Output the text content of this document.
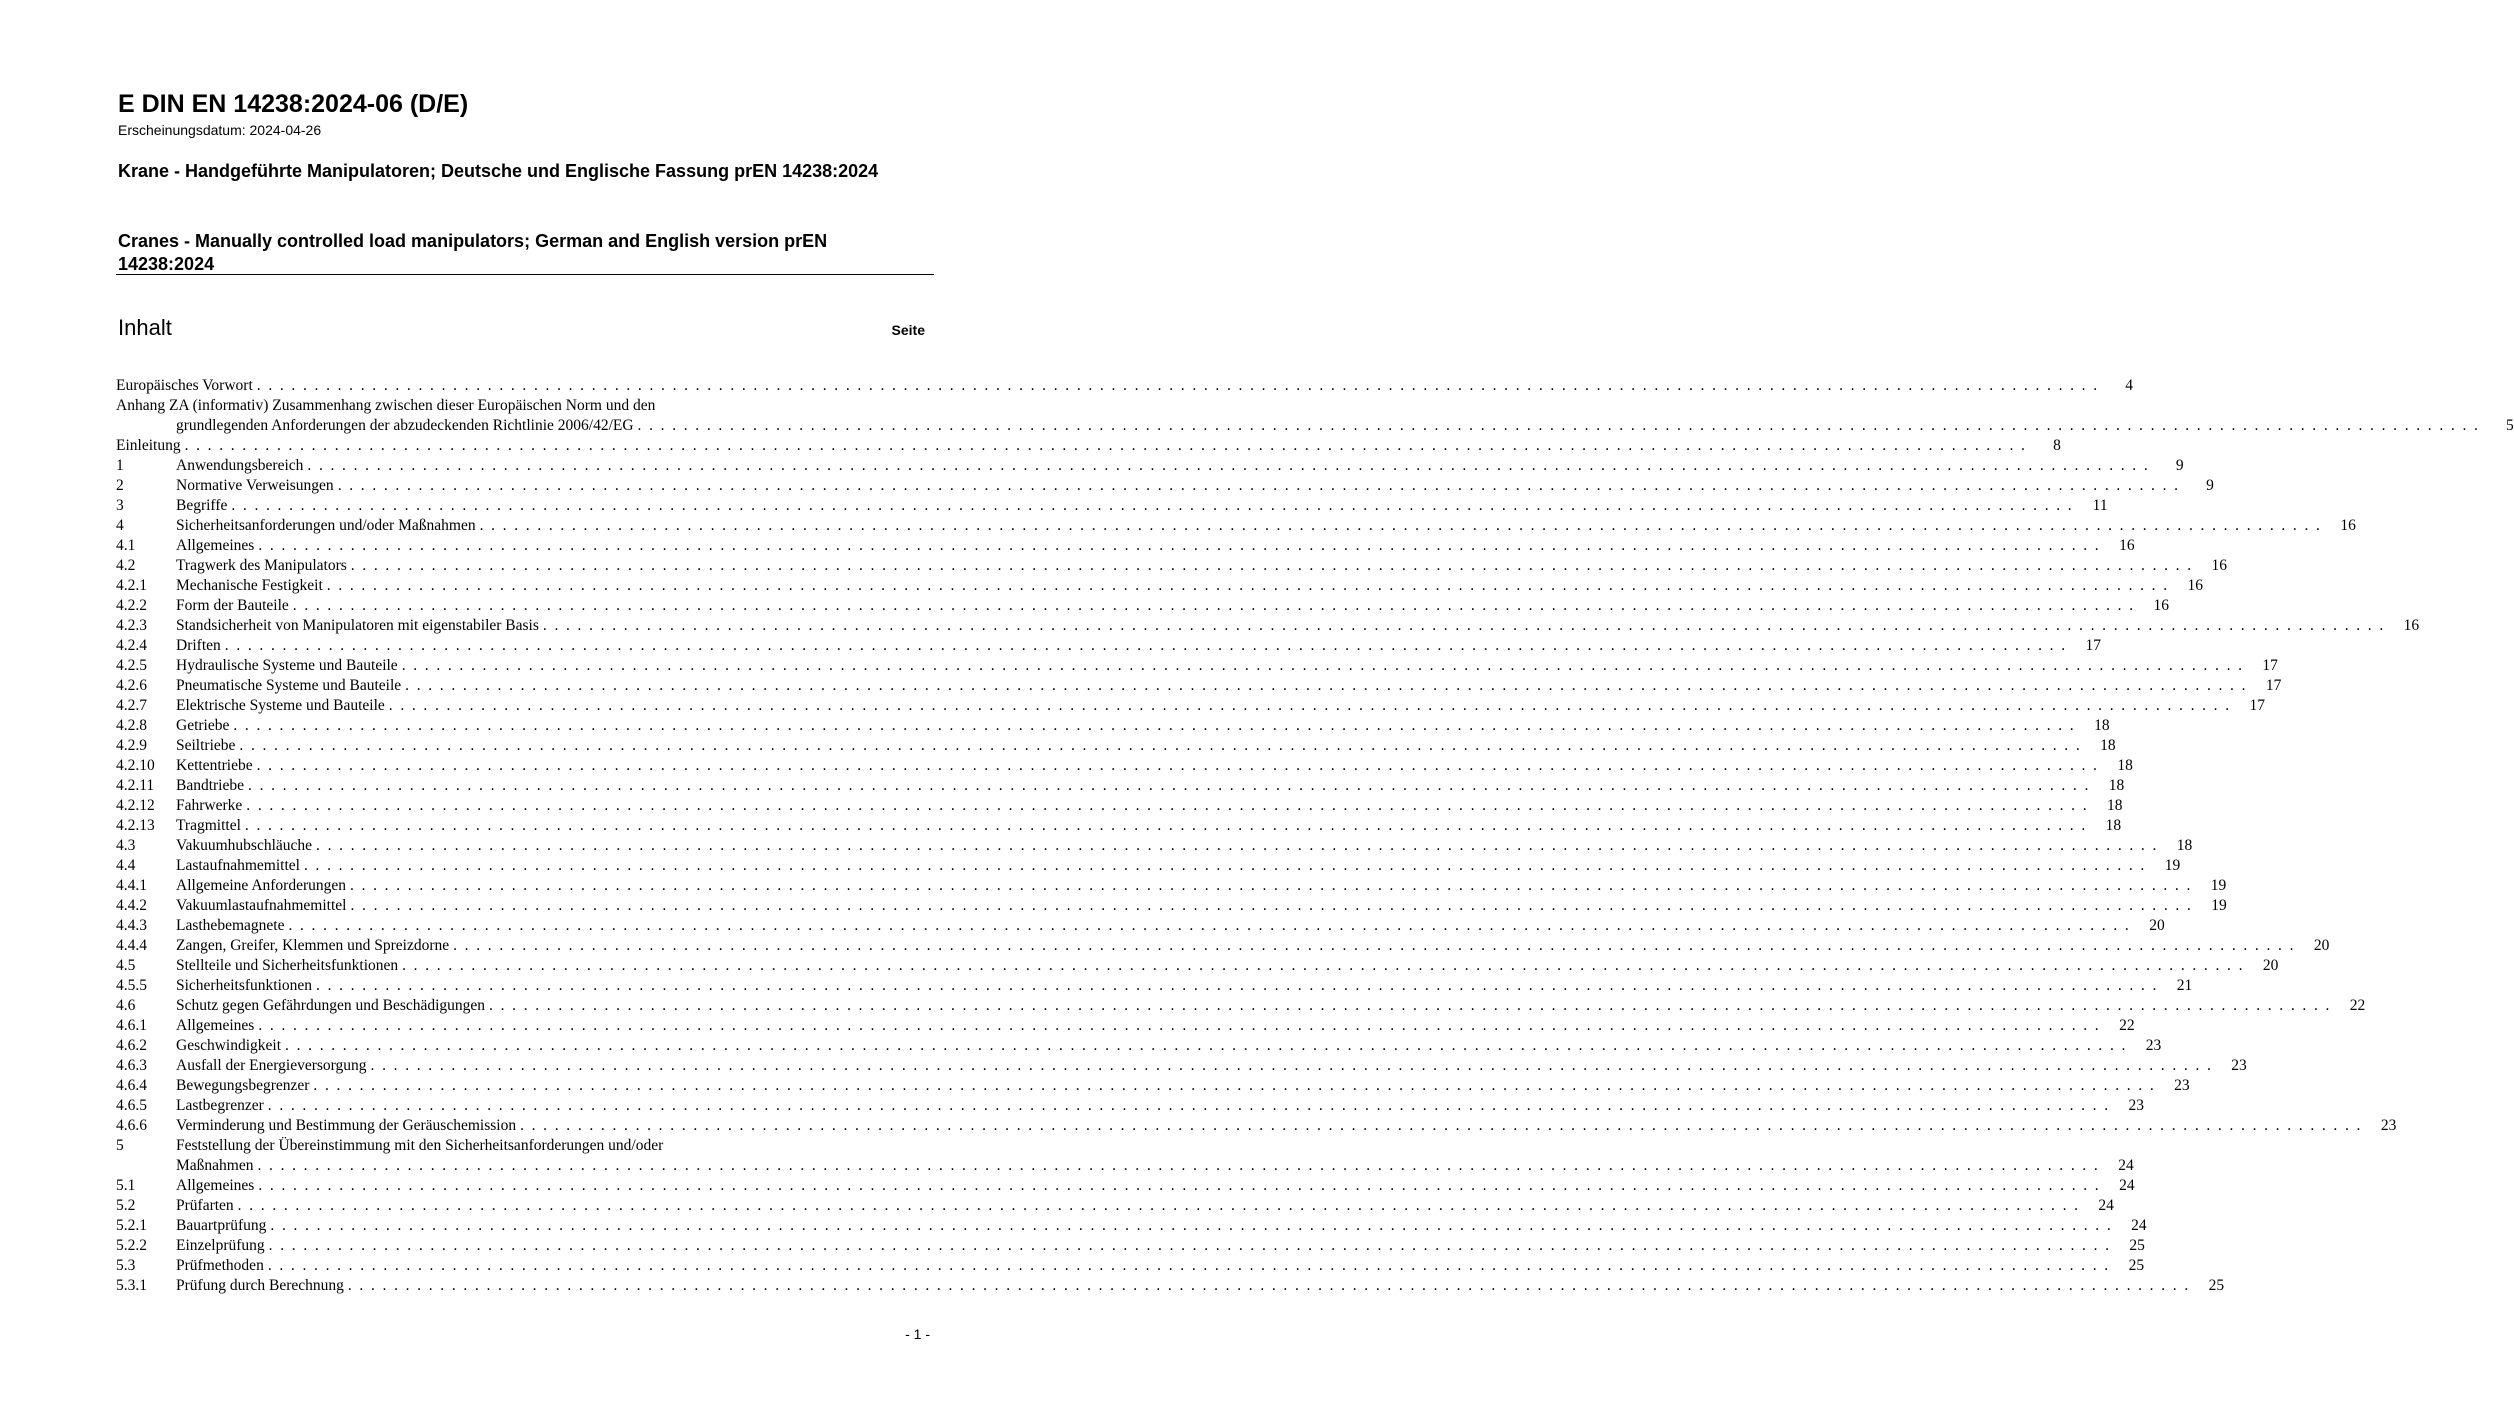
E DIN EN 14238:2024-06 (D/E)
Erscheinungsdatum: 2024-04-26
Krane - Handgeführte Manipulatoren; Deutsche und Englische Fassung prEN 14238:2024
Cranes - Manually controlled load manipulators; German and English version prEN 14238:2024
Inhalt	Seite
Europäisches Vorwort . . . . . . . . . . . . . . . . . . . . . . . . . . . . . . . . . . . . . . . . . . . . . . . . . . . . . . . . . . . . . . . . . . . . . . . . . . . . . . . . . . . . . . . . . . . . . . . . . . . . . . . . . . . . . . . . . . . . . . . . . . . . . . . . . . . . . . . . . . . . . . . . . . . . . . . . . . . . . . . .	4
Anhang ZA (informativ) Zusammenhang zwischen dieser Europäischen Norm und den
grundlegenden Anforderungen der abzudeckenden Richtlinie 2006/42/EG . . . . . . . . . . . . . . . . . . . . . . . . . . . . . . . . . . . . . . . . . . . . . . . . . . . . . . . . . . . . . . . . . . . . . . . . . . . . . . . . . . . . . . . . . . . . . . . . . . . . . . . . . . . . . . . . . . . . . . . . . . . . . . . . . . . . . . . . . . . . . . . . . . . . . . . . . . . . . . . .	5
Einleitung . . . . . . . . . . . . . . . . . . . . . . . . . . . . . . . . . . . . . . . . . . . . . . . . . . . . . . . . . . . . . . . . . . . . . . . . . . . . . . . . . . . . . . . . . . . . . . . . . . . . . . . . . . . . . . . . . . . . . . . . . . . . . . . . . . . . . . . . . . . . . . . . . . . . . . . . . . . . . . . .	8
1	Anwendungsbereich . . . . . . . . . . . . . . . . . . . . . . . . . . . . . . . . . . . . . . . . . . . . . . . . . . . . . . . . . . . . . . . . . . . . . . . . . . . . . . . . . . . . . . . . . . . . . . . . . . . . . . . . . . . . . . . . . . . . . . . . . . . . . . . . . . . . . . . . . . . . . . . . . . . . . . . . . . . . . . . .	9
2	Normative Verweisungen . . . . . . . . . . . . . . . . . . . . . . . . . . . . . . . . . . . . . . . . . . . . . . . . . . . . . . . . . . . . . . . . . . . . . . . . . . . . . . . . . . . . . . . . . . . . . . . . . . . . . . . . . . . . . . . . . . . . . . . . . . . . . . . . . . . . . . . . . . . . . . . . . . . . . . . . . . . . . . . .	9
3	Begriffe . . . . . . . . . . . . . . . . . . . . . . . . . . . . . . . . . . . . . . . . . . . . . . . . . . . . . . . . . . . . . . . . . . . . . . . . . . . . . . . . . . . . . . . . . . . . . . . . . . . . . . . . . . . . . . . . . . . . . . . . . . . . . . . . . . . . . . . . . . . . . . . . . . . . . . . . . . . . . . . .	11
4	Sicherheitsanforderungen und/oder Maßnahmen . . . . . . . . . . . . . . . . . . . . . . . . . . . . . . . . . . . . . . . . . . . . . . . . . . . . . . . . . . . . . . . . . . . . . . . . . . . . . . . . . . . . . . . . . . . . . . . . . . . . . . . . . . . . . . . . . . . . . . . . . . . . . . . . . . . . . . . . . . . . . . . . . . . . . . . . . . . . . . . .	16
4.1	Allgemeines . . . . . . . . . . . . . . . . . . . . . . . . . . . . . . . . . . . . . . . . . . . . . . . . . . . . . . . . . . . . . . . . . . . . . . . . . . . . . . . . . . . . . . . . . . . . . . . . . . . . . . . . . . . . . . . . . . . . . . . . . . . . . . . . . . . . . . . . . . . . . . . . . . . . . . . . . . . . . . . .	16
4.2	Tragwerk des Manipulators . . . . . . . . . . . . . . . . . . . . . . . . . . . . . . . . . . . . . . . . . . . . . . . . . . . . . . . . . . . . . . . . . . . . . . . . . . . . . . . . . . . . . . . . . . . . . . . . . . . . . . . . . . . . . . . . . . . . . . . . . . . . . . . . . . . . . . . . . . . . . . . . . . . . . . . . . . . . . . . .	16
4.2.1	Mechanische Festigkeit . . . . . . . . . . . . . . . . . . . . . . . . . . . . . . . . . . . . . . . . . . . . . . . . . . . . . . . . . . . . . . . . . . . . . . . . . . . . . . . . . . . . . . . . . . . . . . . . . . . . . . . . . . . . . . . . . . . . . . . . . . . . . . . . . . . . . . . . . . . . . . . . . . . . . . . . . . . . . . . .	16
4.2.2	Form der Bauteile . . . . . . . . . . . . . . . . . . . . . . . . . . . . . . . . . . . . . . . . . . . . . . . . . . . . . . . . . . . . . . . . . . . . . . . . . . . . . . . . . . . . . . . . . . . . . . . . . . . . . . . . . . . . . . . . . . . . . . . . . . . . . . . . . . . . . . . . . . . . . . . . . . . . . . . . . . . . . . . .	16
4.2.3	Standsicherheit von Manipulatoren mit eigenstabiler Basis . . . . . . . . . . . . . . . . . . . . . . . . . . . . . . . . . . . . . . . . . . . . . . . . . . . . . . . . . . . . . . . . . . . . . . . . . . . . . . . . . . . . . . . . . . . . . . . . . . . . . . . . . . . . . . . . . . . . . . . . . . . . . . . . . . . . . . . . . . . . . . . . . . . . . . . . . . . . . . . .	16
4.2.4	Driften . . . . . . . . . . . . . . . . . . . . . . . . . . . . . . . . . . . . . . . . . . . . . . . . . . . . . . . . . . . . . . . . . . . . . . . . . . . . . . . . . . . . . . . . . . . . . . . . . . . . . . . . . . . . . . . . . . . . . . . . . . . . . . . . . . . . . . . . . . . . . . . . . . . . . . . . . . . . . . . .	17
4.2.5	Hydraulische Systeme und Bauteile . . . . . . . . . . . . . . . . . . . . . . . . . . . . . . . . . . . . . . . . . . . . . . . . . . . . . . . . . . . . . . . . . . . . . . . . . . . . . . . . . . . . . . . . . . . . . . . . . . . . . . . . . . . . . . . . . . . . . . . . . . . . . . . . . . . . . . . . . . . . . . . . . . . . . . . . . . . . . . . .	17
4.2.6	Pneumatische Systeme und Bauteile . . . . . . . . . . . . . . . . . . . . . . . . . . . . . . . . . . . . . . . . . . . . . . . . . . . . . . . . . . . . . . . . . . . . . . . . . . . . . . . . . . . . . . . . . . . . . . . . . . . . . . . . . . . . . . . . . . . . . . . . . . . . . . . . . . . . . . . . . . . . . . . . . . . . . . . . . . . . . . . .	17
4.2.7	Elektrische Systeme und Bauteile . . . . . . . . . . . . . . . . . . . . . . . . . . . . . . . . . . . . . . . . . . . . . . . . . . . . . . . . . . . . . . . . . . . . . . . . . . . . . . . . . . . . . . . . . . . . . . . . . . . . . . . . . . . . . . . . . . . . . . . . . . . . . . . . . . . . . . . . . . . . . . . . . . . . . . . . . . . . . . . .	17
4.2.8	Getriebe . . . . . . . . . . . . . . . . . . . . . . . . . . . . . . . . . . . . . . . . . . . . . . . . . . . . . . . . . . . . . . . . . . . . . . . . . . . . . . . . . . . . . . . . . . . . . . . . . . . . . . . . . . . . . . . . . . . . . . . . . . . . . . . . . . . . . . . . . . . . . . . . . . . . . . . . . . . . . . . .	18
4.2.9	Seiltriebe . . . . . . . . . . . . . . . . . . . . . . . . . . . . . . . . . . . . . . . . . . . . . . . . . . . . . . . . . . . . . . . . . . . . . . . . . . . . . . . . . . . . . . . . . . . . . . . . . . . . . . . . . . . . . . . . . . . . . . . . . . . . . . . . . . . . . . . . . . . . . . . . . . . . . . . . . . . . . . . .	18
4.2.10	Kettentriebe . . . . . . . . . . . . . . . . . . . . . . . . . . . . . . . . . . . . . . . . . . . . . . . . . . . . . . . . . . . . . . . . . . . . . . . . . . . . . . . . . . . . . . . . . . . . . . . . . . . . . . . . . . . . . . . . . . . . . . . . . . . . . . . . . . . . . . . . . . . . . . . . . . . . . . . . . . . . . . . .	18
4.2.11	Bandtriebe . . . . . . . . . . . . . . . . . . . . . . . . . . . . . . . . . . . . . . . . . . . . . . . . . . . . . . . . . . . . . . . . . . . . . . . . . . . . . . . . . . . . . . . . . . . . . . . . . . . . . . . . . . . . . . . . . . . . . . . . . . . . . . . . . . . . . . . . . . . . . . . . . . . . . . . . . . . . . . . .	18
4.2.12	Fahrwerke . . . . . . . . . . . . . . . . . . . . . . . . . . . . . . . . . . . . . . . . . . . . . . . . . . . . . . . . . . . . . . . . . . . . . . . . . . . . . . . . . . . . . . . . . . . . . . . . . . . . . . . . . . . . . . . . . . . . . . . . . . . . . . . . . . . . . . . . . . . . . . . . . . . . . . . . . . . . . . . .	18
4.2.13	Tragmittel . . . . . . . . . . . . . . . . . . . . . . . . . . . . . . . . . . . . . . . . . . . . . . . . . . . . . . . . . . . . . . . . . . . . . . . . . . . . . . . . . . . . . . . . . . . . . . . . . . . . . . . . . . . . . . . . . . . . . . . . . . . . . . . . . . . . . . . . . . . . . . . . . . . . . . . . . . . . . . . .	18
4.3	Vakuumhubschläuche . . . . . . . . . . . . . . . . . . . . . . . . . . . . . . . . . . . . . . . . . . . . . . . . . . . . . . . . . . . . . . . . . . . . . . . . . . . . . . . . . . . . . . . . . . . . . . . . . . . . . . . . . . . . . . . . . . . . . . . . . . . . . . . . . . . . . . . . . . . . . . . . . . . . . . . . . . . . . . . .	18
4.4	Lastaufnahmemittel . . . . . . . . . . . . . . . . . . . . . . . . . . . . . . . . . . . . . . . . . . . . . . . . . . . . . . . . . . . . . . . . . . . . . . . . . . . . . . . . . . . . . . . . . . . . . . . . . . . . . . . . . . . . . . . . . . . . . . . . . . . . . . . . . . . . . . . . . . . . . . . . . . . . . . . . . . . . . . . .	19
4.4.1	Allgemeine Anforderungen . . . . . . . . . . . . . . . . . . . . . . . . . . . . . . . . . . . . . . . . . . . . . . . . . . . . . . . . . . . . . . . . . . . . . . . . . . . . . . . . . . . . . . . . . . . . . . . . . . . . . . . . . . . . . . . . . . . . . . . . . . . . . . . . . . . . . . . . . . . . . . . . . . . . . . . . . . . . . . . .	19
4.4.2	Vakuumlastaufnahmemittel . . . . . . . . . . . . . . . . . . . . . . . . . . . . . . . . . . . . . . . . . . . . . . . . . . . . . . . . . . . . . . . . . . . . . . . . . . . . . . . . . . . . . . . . . . . . . . . . . . . . . . . . . . . . . . . . . . . . . . . . . . . . . . . . . . . . . . . . . . . . . . . . . . . . . . . . . . . . . . . .	19
4.4.3	Lasthebemagnete . . . . . . . . . . . . . . . . . . . . . . . . . . . . . . . . . . . . . . . . . . . . . . . . . . . . . . . . . . . . . . . . . . . . . . . . . . . . . . . . . . . . . . . . . . . . . . . . . . . . . . . . . . . . . . . . . . . . . . . . . . . . . . . . . . . . . . . . . . . . . . . . . . . . . . . . . . . . . . . .	20
4.4.4	Zangen, Greifer, Klemmen und Spreizdorne . . . . . . . . . . . . . . . . . . . . . . . . . . . . . . . . . . . . . . . . . . . . . . . . . . . . . . . . . . . . . . . . . . . . . . . . . . . . . . . . . . . . . . . . . . . . . . . . . . . . . . . . . . . . . . . . . . . . . . . . . . . . . . . . . . . . . . . . . . . . . . . . . . . . . . . . . . . . . . . .	20
4.5	Stellteile und Sicherheitsfunktionen . . . . . . . . . . . . . . . . . . . . . . . . . . . . . . . . . . . . . . . . . . . . . . . . . . . . . . . . . . . . . . . . . . . . . . . . . . . . . . . . . . . . . . . . . . . . . . . . . . . . . . . . . . . . . . . . . . . . . . . . . . . . . . . . . . . . . . . . . . . . . . . . . . . . . . . . . . . . . . . .	20
4.5.5	Sicherheitsfunktionen . . . . . . . . . . . . . . . . . . . . . . . . . . . . . . . . . . . . . . . . . . . . . . . . . . . . . . . . . . . . . . . . . . . . . . . . . . . . . . . . . . . . . . . . . . . . . . . . . . . . . . . . . . . . . . . . . . . . . . . . . . . . . . . . . . . . . . . . . . . . . . . . . . . . . . . . . . . . . . . .	21
4.6	Schutz gegen Gefährdungen und Beschädigungen . . . . . . . . . . . . . . . . . . . . . . . . . . . . . . . . . . . . . . . . . . . . . . . . . . . . . . . . . . . . . . . . . . . . . . . . . . . . . . . . . . . . . . . . . . . . . . . . . . . . . . . . . . . . . . . . . . . . . . . . . . . . . . . . . . . . . . . . . . . . . . . . . . . . . . . . . . . . . . . .	22
4.6.1	Allgemeines . . . . . . . . . . . . . . . . . . . . . . . . . . . . . . . . . . . . . . . . . . . . . . . . . . . . . . . . . . . . . . . . . . . . . . . . . . . . . . . . . . . . . . . . . . . . . . . . . . . . . . . . . . . . . . . . . . . . . . . . . . . . . . . . . . . . . . . . . . . . . . . . . . . . . . . . . . . . . . . .	22
4.6.2	Geschwindigkeit . . . . . . . . . . . . . . . . . . . . . . . . . . . . . . . . . . . . . . . . . . . . . . . . . . . . . . . . . . . . . . . . . . . . . . . . . . . . . . . . . . . . . . . . . . . . . . . . . . . . . . . . . . . . . . . . . . . . . . . . . . . . . . . . . . . . . . . . . . . . . . . . . . . . . . . . . . . . . . . .	23
4.6.3	Ausfall der Energieversorgung . . . . . . . . . . . . . . . . . . . . . . . . . . . . . . . . . . . . . . . . . . . . . . . . . . . . . . . . . . . . . . . . . . . . . . . . . . . . . . . . . . . . . . . . . . . . . . . . . . . . . . . . . . . . . . . . . . . . . . . . . . . . . . . . . . . . . . . . . . . . . . . . . . . . . . . . . . . . . . . .	23
4.6.4	Bewegungsbegrenzer . . . . . . . . . . . . . . . . . . . . . . . . . . . . . . . . . . . . . . . . . . . . . . . . . . . . . . . . . . . . . . . . . . . . . . . . . . . . . . . . . . . . . . . . . . . . . . . . . . . . . . . . . . . . . . . . . . . . . . . . . . . . . . . . . . . . . . . . . . . . . . . . . . . . . . . . . . . . . . . .	23
4.6.5	Lastbegrenzer . . . . . . . . . . . . . . . . . . . . . . . . . . . . . . . . . . . . . . . . . . . . . . . . . . . . . . . . . . . . . . . . . . . . . . . . . . . . . . . . . . . . . . . . . . . . . . . . . . . . . . . . . . . . . . . . . . . . . . . . . . . . . . . . . . . . . . . . . . . . . . . . . . . . . . . . . . . . . . . .	23
4.6.6	Verminderung und Bestimmung der Geräuschemission . . . . . . . . . . . . . . . . . . . . . . . . . . . . . . . . . . . . . . . . . . . . . . . . . . . . . . . . . . . . . . . . . . . . . . . . . . . . . . . . . . . . . . . . . . . . . . . . . . . . . . . . . . . . . . . . . . . . . . . . . . . . . . . . . . . . . . . . . . . . . . . . . . . . . . . . . . . . . . . .	23
5	Feststellung der Übereinstimmung mit den Sicherheitsanforderungen und/oder
Maßnahmen . . . . . . . . . . . . . . . . . . . . . . . . . . . . . . . . . . . . . . . . . . . . . . . . . . . . . . . . . . . . . . . . . . . . . . . . . . . . . . . . . . . . . . . . . . . . . . . . . . . . . . . . . . . . . . . . . . . . . . . . . . . . . . . . . . . . . . . . . . . . . . . . . . . . . . . . . . . . . . . .	24
5.1	Allgemeines . . . . . . . . . . . . . . . . . . . . . . . . . . . . . . . . . . . . . . . . . . . . . . . . . . . . . . . . . . . . . . . . . . . . . . . . . . . . . . . . . . . . . . . . . . . . . . . . . . . . . . . . . . . . . . . . . . . . . . . . . . . . . . . . . . . . . . . . . . . . . . . . . . . . . . . . . . . . . . . .	24
5.2	Prüfarten . . . . . . . . . . . . . . . . . . . . . . . . . . . . . . . . . . . . . . . . . . . . . . . . . . . . . . . . . . . . . . . . . . . . . . . . . . . . . . . . . . . . . . . . . . . . . . . . . . . . . . . . . . . . . . . . . . . . . . . . . . . . . . . . . . . . . . . . . . . . . . . . . . . . . . . . . . . . . . . .	24
5.2.1	Bauartprüfung . . . . . . . . . . . . . . . . . . . . . . . . . . . . . . . . . . . . . . . . . . . . . . . . . . . . . . . . . . . . . . . . . . . . . . . . . . . . . . . . . . . . . . . . . . . . . . . . . . . . . . . . . . . . . . . . . . . . . . . . . . . . . . . . . . . . . . . . . . . . . . . . . . . . . . . . . . . . . . . .	24
5.2.2	Einzelprüfung . . . . . . . . . . . . . . . . . . . . . . . . . . . . . . . . . . . . . . . . . . . . . . . . . . . . . . . . . . . . . . . . . . . . . . . . . . . . . . . . . . . . . . . . . . . . . . . . . . . . . . . . . . . . . . . . . . . . . . . . . . . . . . . . . . . . . . . . . . . . . . . . . . . . . . . . . . . . . . . .	25
5.3	Prüfmethoden . . . . . . . . . . . . . . . . . . . . . . . . . . . . . . . . . . . . . . . . . . . . . . . . . . . . . . . . . . . . . . . . . . . . . . . . . . . . . . . . . . . . . . . . . . . . . . . . . . . . . . . . . . . . . . . . . . . . . . . . . . . . . . . . . . . . . . . . . . . . . . . . . . . . . . . . . . . . . . . .	25
5.3.1	Prüfung durch Berechnung . . . . . . . . . . . . . . . . . . . . . . . . . . . . . . . . . . . . . . . . . . . . . . . . . . . . . . . . . . . . . . . . . . . . . . . . . . . . . . . . . . . . . . . . . . . . . . . . . . . . . . . . . . . . . . . . . . . . . . . . . . . . . . . . . . . . . . . . . . . . . . . . . . . . . . . . . . . . . . . .	25
- 1 -
